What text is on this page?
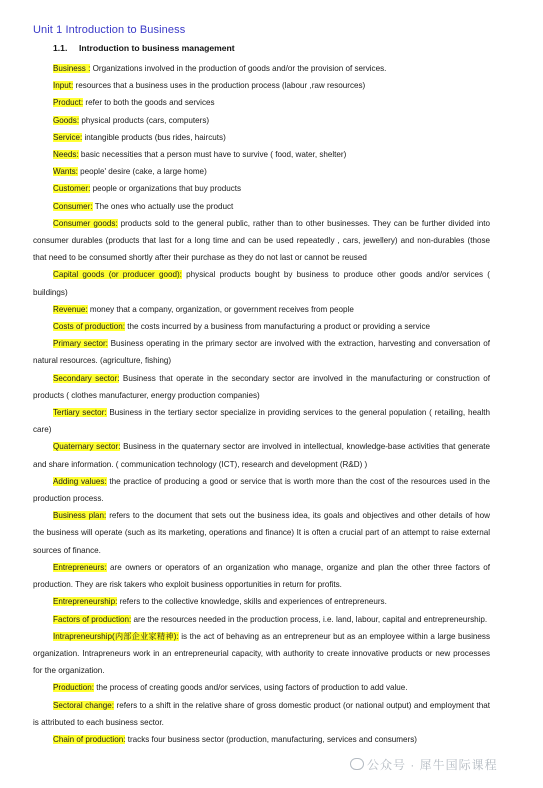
Unit 1 Introduction to Business
1.1. Introduction to business management

Business : Organizations involved in the production of goods and/or the provision of services.

Input: resources that a business uses in the production process (labour ,raw resources)

Product: refer to both the goods and services

Goods: physical products (cars, computers)

Service: intangible products (bus rides, haircuts)

Needs: basic necessities that a person must have to survive ( food, water, shelter)

Wants: people' desire (cake, a large home)

Customer: people or organizations that buy products

Consumer: The ones who actually use the product

Consumer goods: products sold to the general public, rather than to other businesses. They can be further divided into consumer durables (products that last for a long time and can be used repeatedly , cars, jewellery) and non-durables (those that need to be consumed shortly after their purchase as they do not last or cannot be reused

Capital goods (or producer good): physical products bought by business to produce other goods and/or services ( buildings)

Revenue: money that a company, organization, or government receives from people

Costs of production: the costs incurred by a business from manufacturing a product or providing a service

Primary sector: Business operating in the primary sector are involved with the extraction, harvesting and conversation of natural resources. (agriculture, fishing)

Secondary sector: Business that operate in the secondary sector are involved in the manufacturing or construction of products ( clothes manufacturer, energy production companies)

Tertiary sector: Business in the tertiary sector specialize in providing services to the general population ( retailing, health care)

Quaternary sector: Business in the quaternary sector are involved in intellectual, knowledge-base activities that generate and share information. ( communication technology (ICT), research and development (R&D) )

Adding values: the practice of producing a good or service that is worth more than the cost of the resources used in the production process.

Business plan: refers to the document that sets out the business idea, its goals and objectives and other details of how the business will operate (such as its marketing, operations and finance) It is often a crucial part of an attempt to raise external sources of finance.

Entrepreneurs: are owners or operators of an organization who manage, organize and plan the other three factors of production. They are risk takers who exploit business opportunities in return for profits.

Entrepreneurship: refers to the collective knowledge, skills and experiences of entrepreneurs.

Factors of production: are the resources needed in the production process, i.e. land, labour, capital and entrepreneurship.

Intrapreneurship(内部企业家精神): is the act of behaving as an entrepreneur but as an employee within a large business organization. Intrapreneurs work in an entrepreneurial capacity, with authority to create innovative products or new processes for the organization.

Production: the process of creating goods and/or services, using factors of production to add value.

Sectoral change: refers to a shift in the relative share of gross domestic product (or national output) and employment that is attributed to each business sector.

Chain of production: tracks four business sector (production, manufacturing, services and consumers)

公众号 · 犀牛国际课程
